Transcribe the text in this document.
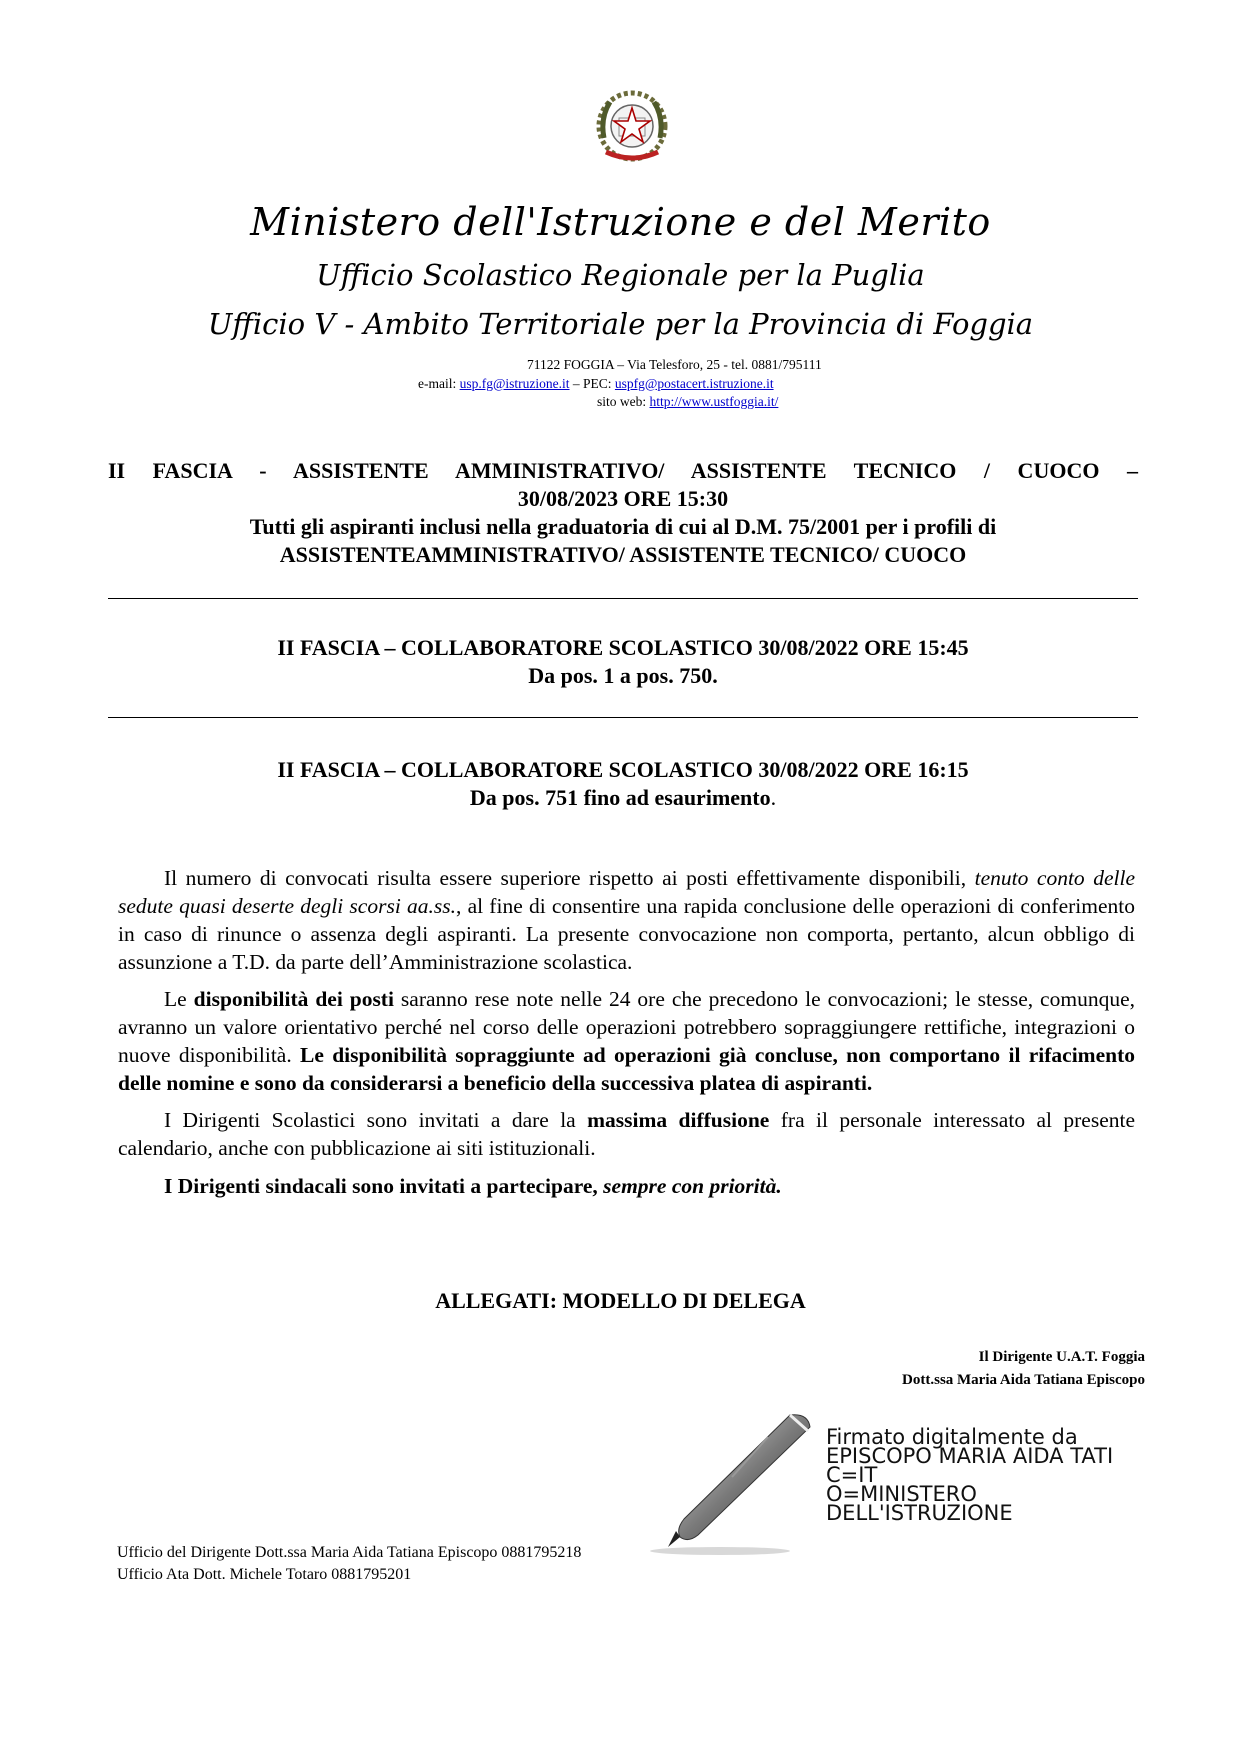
Ministero dell'Istruzione e del Merito
Ufficio Scolastico Regionale per la Puglia
Ufficio V - Ambito Territoriale per la Provincia di Foggia
71122 FOGGIA – Via Telesforo, 25 - tel. 0881/795111
e-mail: usp.fg@istruzione.it – PEC: uspfg@postacert.istruzione.it
sito web: http://www.ustfoggia.it/
II FASCIA - ASSISTENTE AMMINISTRATIVO/ ASSISTENTE TECNICO / CUOCO –
30/08/2023 ORE 15:30
Tutti gli aspiranti inclusi nella graduatoria di cui al D.M. 75/2001 per i profili di
ASSISTENTEAMMINISTRATIVO/ ASSISTENTE TECNICO/ CUOCO
II FASCIA – COLLABORATORE SCOLASTICO 30/08/2022 ORE 15:45
Da pos. 1 a pos. 750.
II FASCIA – COLLABORATORE SCOLASTICO 30/08/2022 ORE 16:15
Da pos. 751 fino ad esaurimento.

Il numero di convocati risulta essere superiore rispetto ai posti effettivamente disponibili, tenuto conto delle sedute quasi deserte degli scorsi aa.ss., al fine di consentire una rapida conclusione delle operazioni di conferimento in caso di rinunce o assenza degli aspiranti. La presente convocazione non comporta, pertanto, alcun obbligo di assunzione a T.D. da parte dell’Amministrazione scolastica.

Le disponibilità dei posti saranno rese note nelle 24 ore che precedono le convocazioni; le stesse, comunque, avranno un valore orientativo perché nel corso delle operazioni potrebbero sopraggiungere rettifiche, integrazioni o nuove disponibilità. Le disponibilità sopraggiunte ad operazioni già concluse, non comportano il rifacimento delle nomine e sono da considerarsi a beneficio della successiva platea di aspiranti.

I Dirigenti Scolastici sono invitati a dare la massima diffusione fra il personale interessato al presente calendario, anche con pubblicazione ai siti istituzionali.

I Dirigenti sindacali sono invitati a partecipare, sempre con priorità.

ALLEGATI: MODELLO DI DELEGA
Il Dirigente U.A.T. Foggia
Dott.ssa Maria Aida Tatiana Episcopo
Firmato digitalmente da
EPISCOPO MARIA AIDA TATI
C=IT
O=MINISTERO
DELL'ISTRUZIONE
Ufficio del Dirigente Dott.ssa Maria Aida Tatiana Episcopo 0881795218
Ufficio Ata Dott. Michele Totaro 0881795201
